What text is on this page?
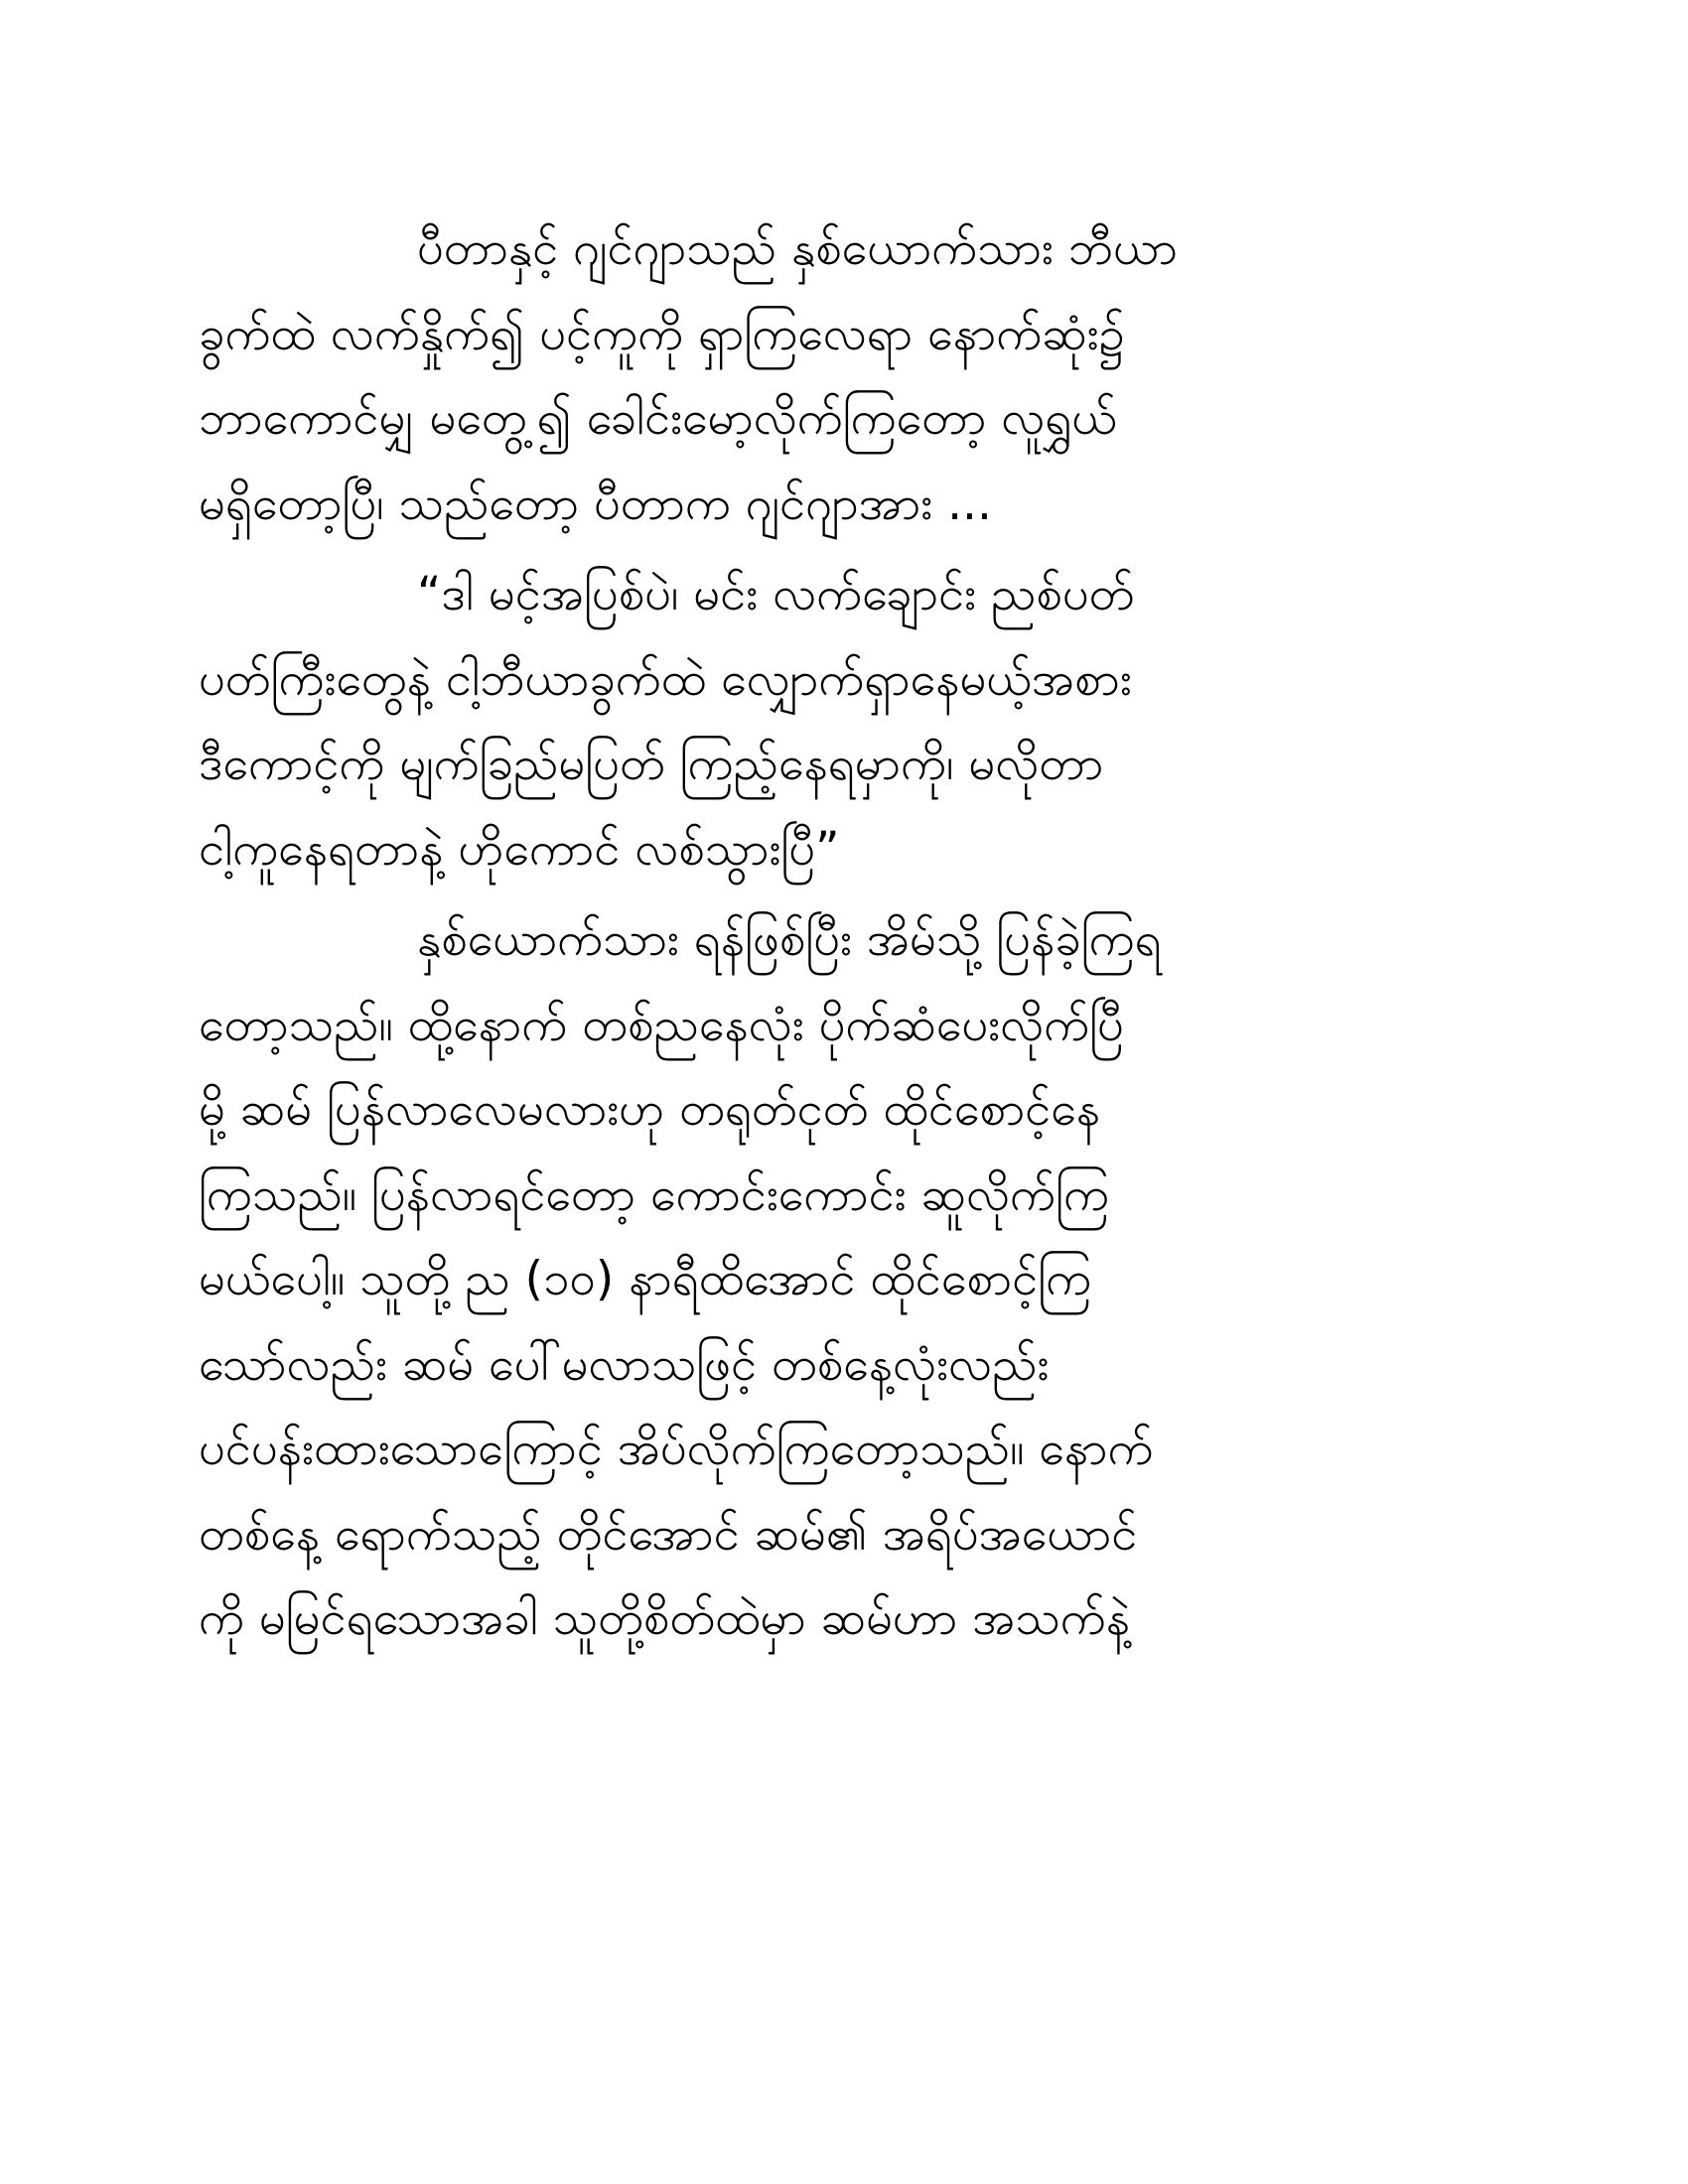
ပီတာနှင့် ဂျင်ဂျာသည် နှစ်ယောက်သား ဘီယာ
ခွက်ထဲ လက်နှိုက်၍ ပင့်ကူကို ရှာကြလေရာ နောက်ဆုံး၌
ဘာကောင်မျှ မတွေ့၍ ခေါင်းမော့လိုက်ကြတော့ လူရွှယ်
မရှိတော့ပြီ၊ သည်တော့ ပီတာက ဂျင်ဂျာအား ...

“ဒါ မင့်အပြစ်ပဲ၊ မင်း လက်ချောင်း ညစ်ပတ်
ပတ်ကြီးတွေနဲ့ ငါ့ဘီယာခွက်ထဲ လျှောက်ရှာနေမယ့်အစား
ဒီကောင့်ကို မျက်ခြည်မပြတ် ကြည့်နေရမှာကို၊ မလိုတာ
ငါ့ကူနေရတာနဲ့ ဟိုကောင် လစ်သွားပြီ”

နှစ်ယောက်သား ရန်ဖြစ်ပြီး အိမ်သို့ ပြန်ခဲ့ကြရ
တော့သည်။ ထို့နောက် တစ်ညနေလုံး ပိုက်ဆံပေးလိုက်ပြီ
မို့ ဆမ် ပြန်လာလေမလားဟု တရုတ်ငုတ် ထိုင်စောင့်နေ
ကြသည်။ ပြန်လာရင်တော့ ကောင်းကောင်း ဆူလိုက်ကြ
မယ်ပေါ့။ သူတို့ ည (၁၀) နာရီထိအောင် ထိုင်စောင့်ကြ
သော်လည်း ဆမ် ပေါ်မလာသဖြင့် တစ်နေ့လုံးလည်း
ပင်ပန်းထားသောကြောင့် အိပ်လိုက်ကြတော့သည်။ နောက်
တစ်နေ့ ရောက်သည့် တိုင်အောင် ဆမ်၏ အရိပ်အယောင်
ကို မမြင်ရသောအခါ သူတို့စိတ်ထဲမှာ ဆမ်ဟာ အသက်နဲ့
